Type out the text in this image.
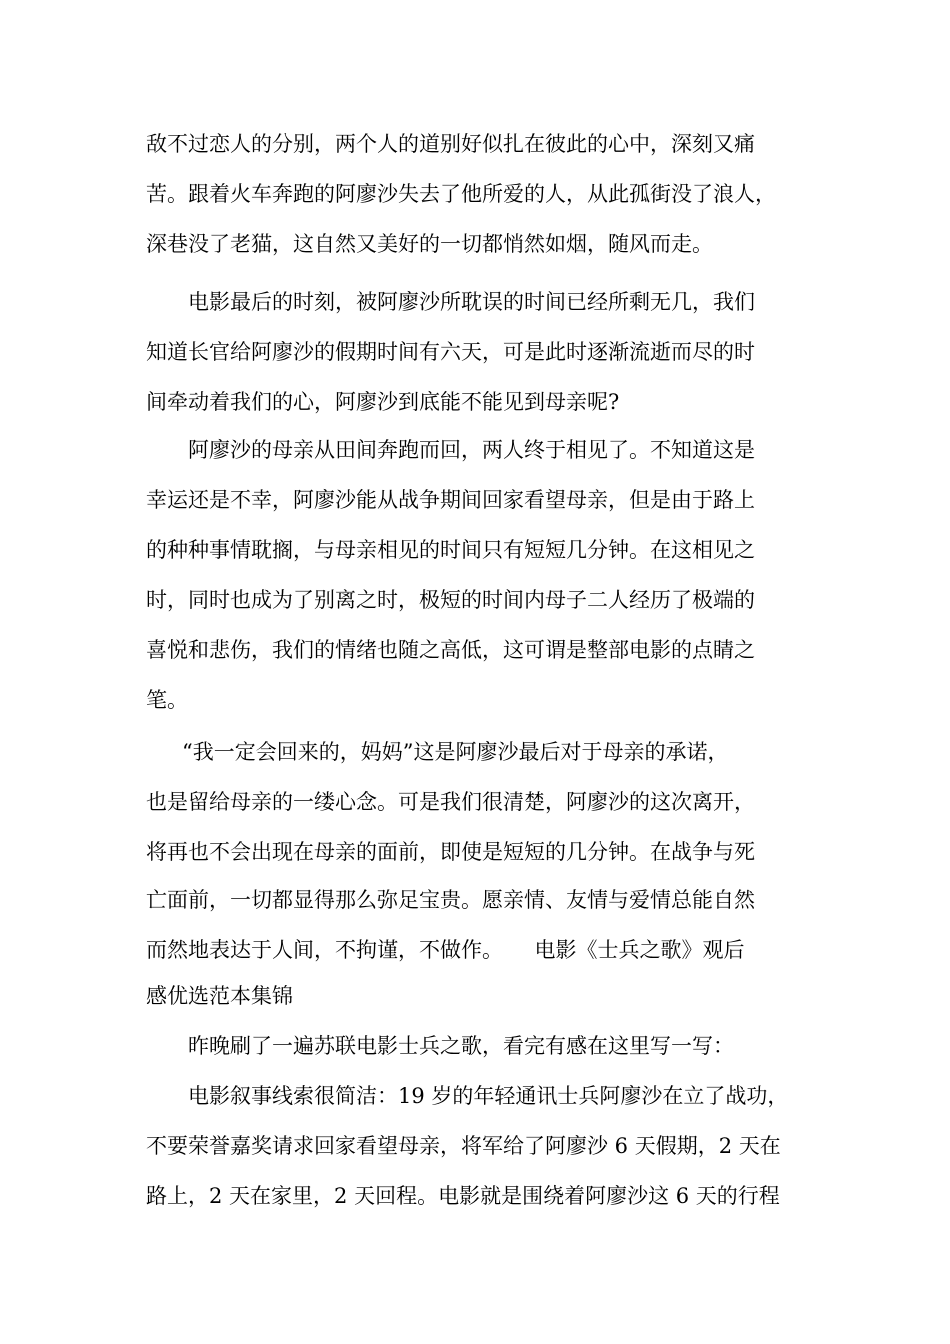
敌不过恋人的分别，两个人的道别好似扎在彼此的心中，深刻又痛
苦。跟着火车奔跑的阿廖沙失去了他所爱的人，从此孤街没了浪人，
深巷没了老猫，这自然又美好的一切都悄然如烟，随风而走。
电影最后的时刻，被阿廖沙所耽误的时间已经所剩无几，我们
知道长官给阿廖沙的假期时间有六天，可是此时逐渐流逝而尽的时
间牵动着我们的心，阿廖沙到底能不能见到母亲呢?
阿廖沙的母亲从田间奔跑而回，两人终于相见了。不知道这是
幸运还是不幸，阿廖沙能从战争期间回家看望母亲，但是由于路上
的种种事情耽搁，与母亲相见的时间只有短短几分钟。在这相见之
时，同时也成为了别离之时，极短的时间内母子二人经历了极端的
喜悦和悲伤，我们的情绪也随之高低，这可谓是整部电影的点睛之
笔。
“我一定会回来的，妈妈”这是阿廖沙最后对于母亲的承诺，
也是留给母亲的一缕心念。可是我们很清楚，阿廖沙的这次离开，
将再也不会出现在母亲的面前，即使是短短的几分钟。在战争与死
亡面前，一切都显得那么弥足宝贵。愿亲情、友情与爱情总能自然
而然地表达于人间，不拘谨，不做作。　　电影《士兵之歌》观后
感优选范本集锦
昨晚刷了一遍苏联电影士兵之歌，看完有感在这里写一写：
电影叙事线索很简洁：19 岁的年轻通讯士兵阿廖沙在立了战功，
不要荣誉嘉奖请求回家看望母亲，将军给了阿廖沙 6 天假期，2 天在
路上，2 天在家里，2 天回程。电影就是围绕着阿廖沙这 6 天的行程
